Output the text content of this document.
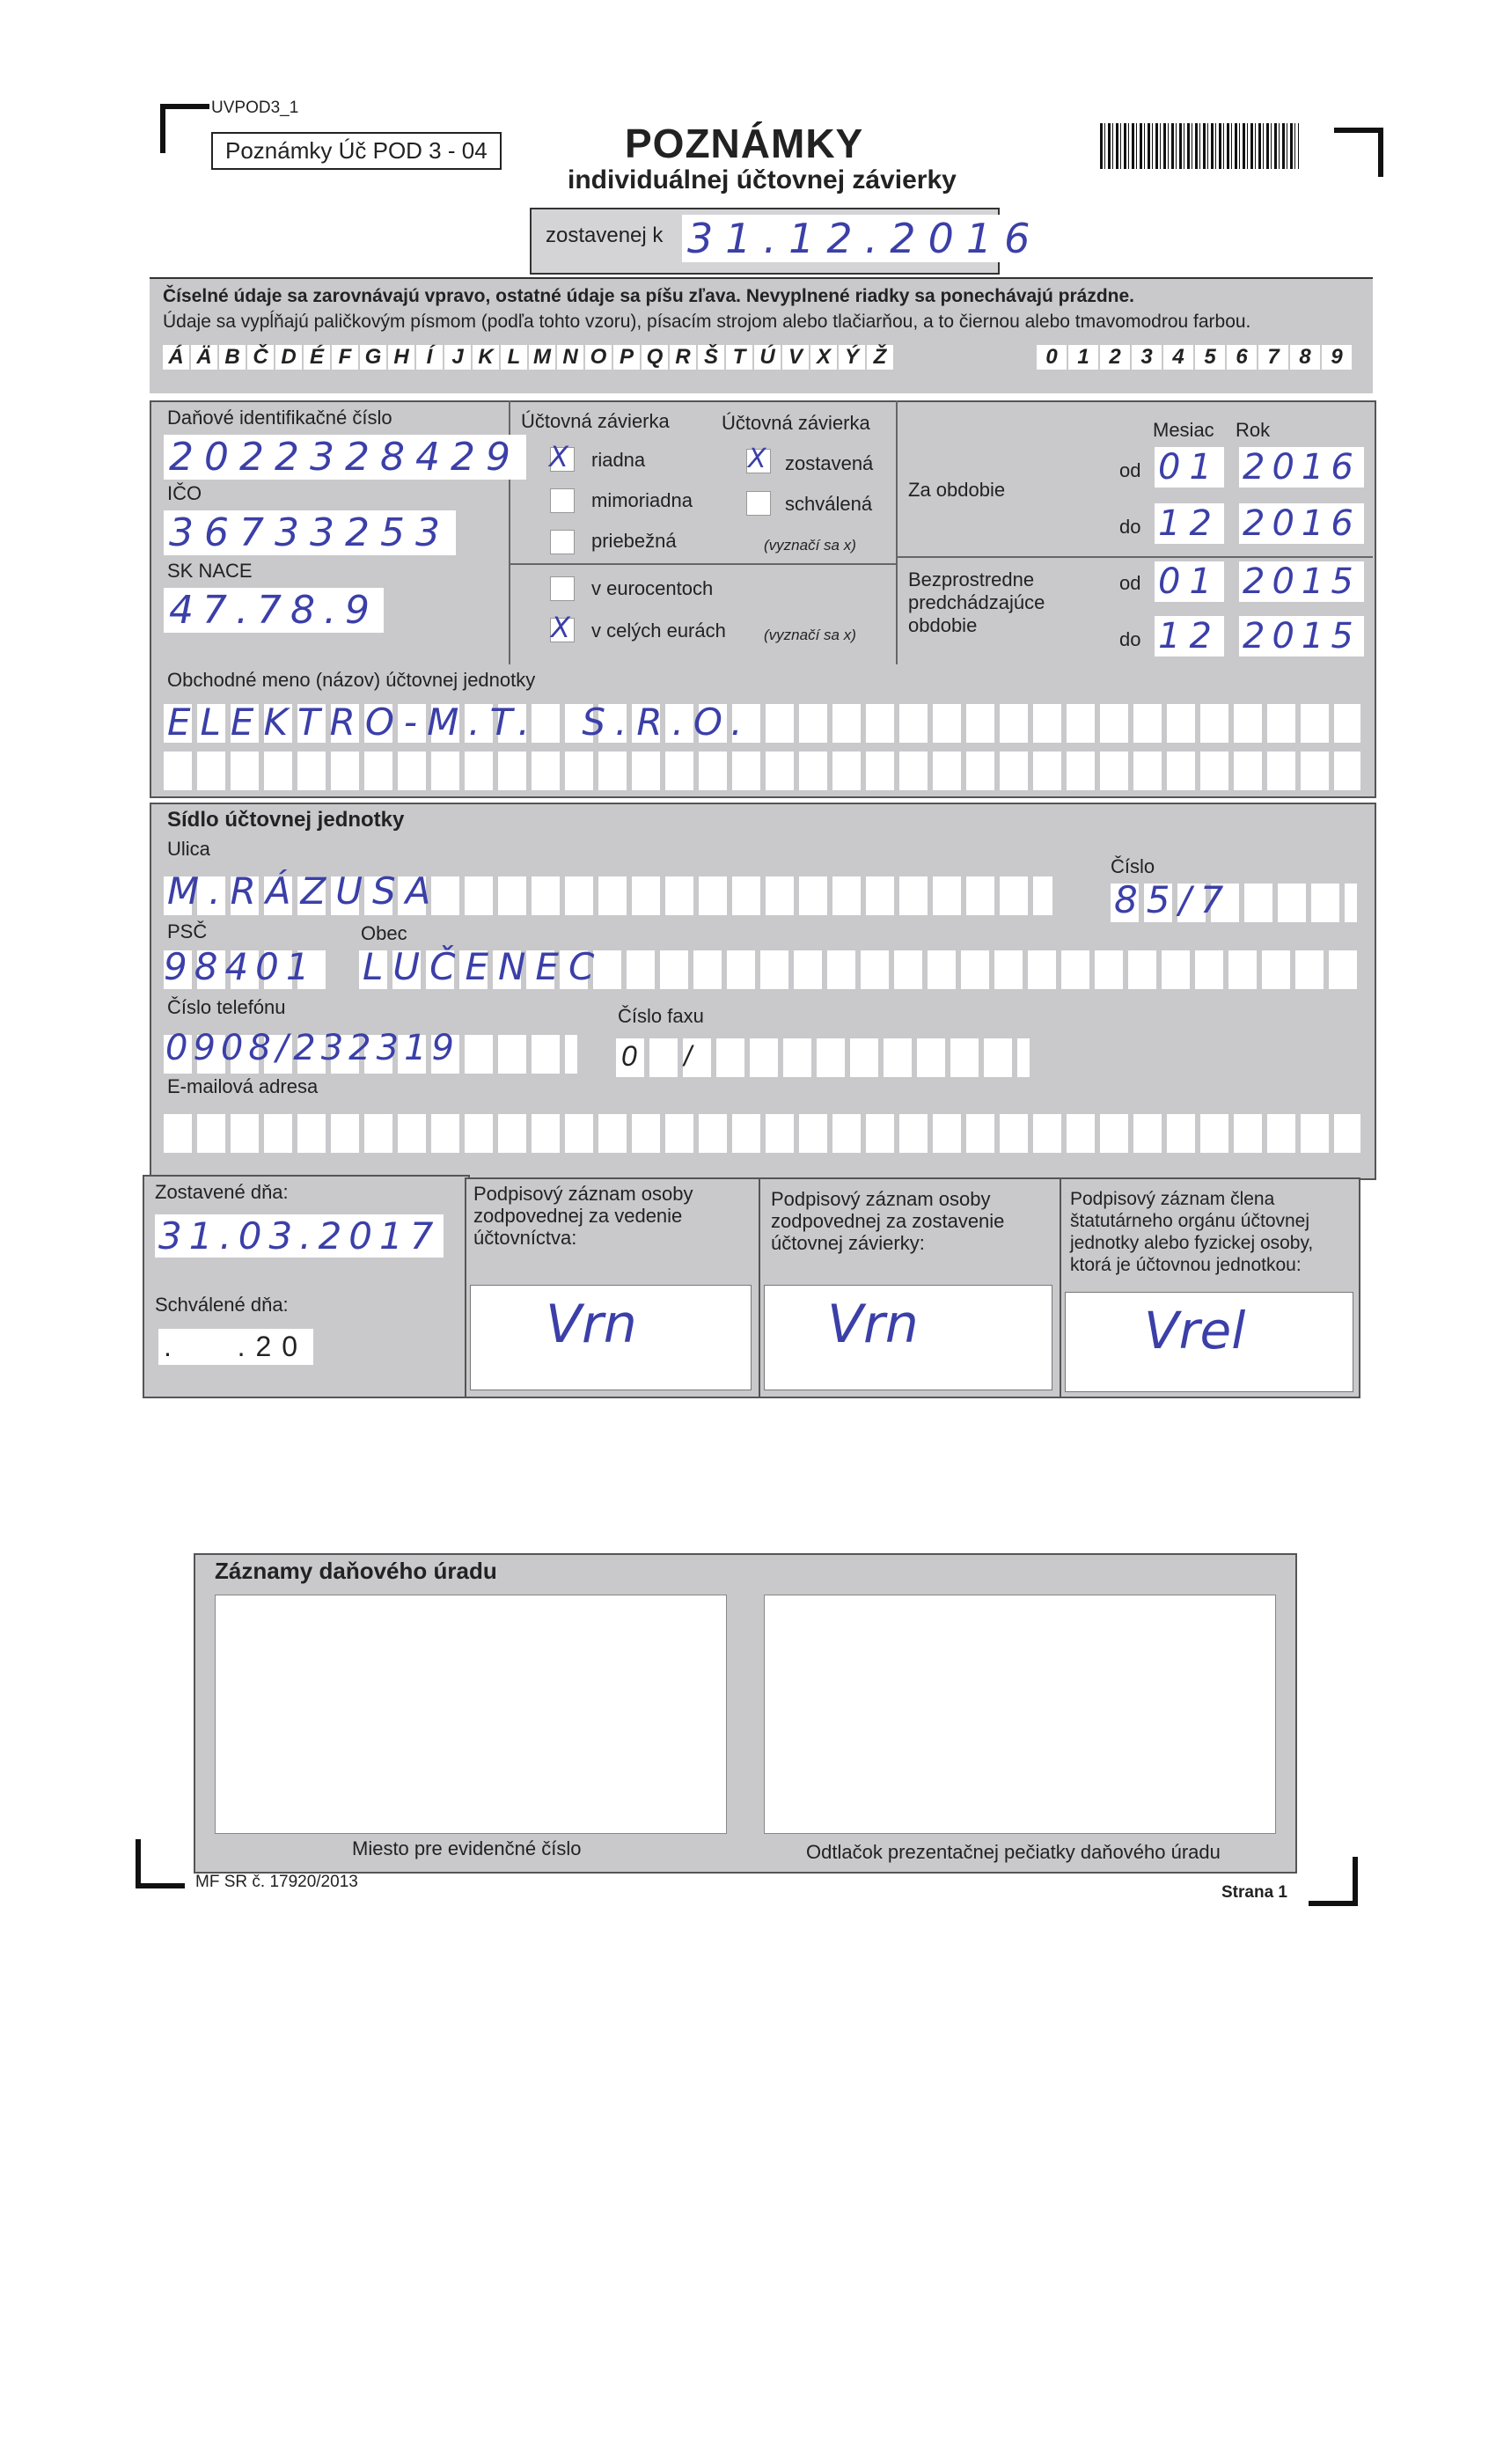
UVPOD3_1
Poznámky Úč POD 3 - 04	POZNÁMKY
individuálnej účtovnej závierky
zostavenej k 31.12.2016
Číselné údaje sa zarovnávajú vpravo, ostatné údaje sa píšu zľava. Nevyplnené riadky sa ponechávajú prázdne.
Údaje sa vypĺňajú paličkovým písmom (podľa tohto vzoru), písacím strojom alebo tlačiarňou, a to čiernou alebo tmavomodrou farbou.
Á Ä B Č D É F G H Í J K L M N O P Q R Š T Ú V X Ý Ž	0 1 2 3 4 5 6 7 8 9
Daňové identifikačné číslo
2022328429
IČO
36733253
SK NACE
47.78.9
Účtovná závierka	Účtovná závierka
X riadna
mimoriadna
priebežná
X zostavená
schválená
(vyznačí sa x)
v eurocentoch
X v celých eurách	(vyznačí sa x)
Mesiac Rok
Za obdobie
od 01 2016
do 12 2016
Bezprostredne predchádzajúce obdobie
od 01 2015
do 12 2015
Obchodné meno (názov) účtovnej jednotky
ELEKTRO-M.T.  S.R.O.
Sídlo účtovnej jednotky
Ulica
M.RÁZUSA
Číslo
85/7
PSČ	Obec
98401 LUČENEC
Číslo telefónu	Číslo faxu
0908/232319	0      /
E-mailová adresa
Zostavené dňa:
31.03.2017
Schválené dňa:
.   .20
Podpisový záznam osoby zodpovednej za vedenie účtovníctva:
Vrn
Podpisový záznam osoby zodpovednej za zostavenie účtovnej závierky:
Vrn
Podpisový záznam člena štatutárneho orgánu účtovnej jednotky alebo fyzickej osoby, ktorá je účtovnou jednotkou:
Vrel
Záznamy daňového úradu
Miesto pre evidenčné číslo	Odtlačok prezentačnej pečiatky daňového úradu
MF SR č. 17920/2013
Strana 1
